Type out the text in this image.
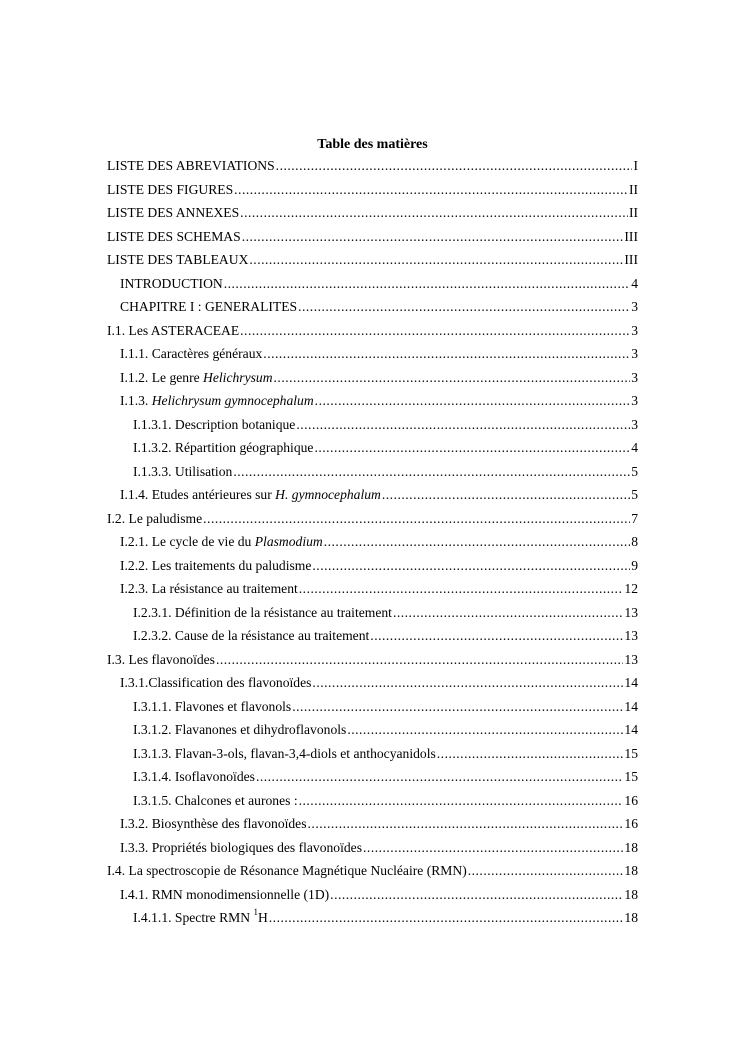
Table des matières
LISTE DES ABREVIATIONS .....	I
LISTE DES FIGURES .....	II
LISTE DES ANNEXES .....	II
LISTE DES SCHEMAS .....	III
LISTE DES TABLEAUX .....	III
INTRODUCTION .....	4
CHAPITRE I : GENERALITES .....	3
I.1. Les ASTERACEAE .....	3
I.1.1. Caractères généraux .....	3
I.1.2. Le genre Helichrysum .....	3
I.1.3. Helichrysum gymnocephalum .....	3
I.1.3.1. Description botanique .....	3
I.1.3.2. Répartition géographique .....	4
I.1.3.3. Utilisation .....	5
I.1.4. Etudes antérieures sur H. gymnocephalum .....	5
I.2. Le paludisme .....	7
I.2.1. Le cycle de vie du Plasmodium .....	8
I.2.2. Les traitements du paludisme .....	9
I.2.3. La résistance au traitement .....	12
I.2.3.1. Définition de la résistance au traitement .....	13
I.2.3.2. Cause de la résistance au traitement .....	13
I.3. Les flavonoïdes .....	13
I.3.1.Classification des flavonoïdes .....	14
I.3.1.1. Flavones et flavonols .....	14
I.3.1.2. Flavanones et dihydroflavonols .....	14
I.3.1.3. Flavan-3-ols, flavan-3,4-diols et anthocyanidols .....	15
I.3.1.4. Isoflavonoïdes .....	15
I.3.1.5. Chalcones et aurones : .....	16
I.3.2. Biosynthèse des flavonoïdes .....	16
I.3.3. Propriétés biologiques des flavonoïdes .....	18
I.4. La spectroscopie de Résonance Magnétique Nucléaire (RMN) .....	18
I.4.1. RMN monodimensionnelle (1D) .....	18
I.4.1.1. Spectre RMN $^1$H .....	18
